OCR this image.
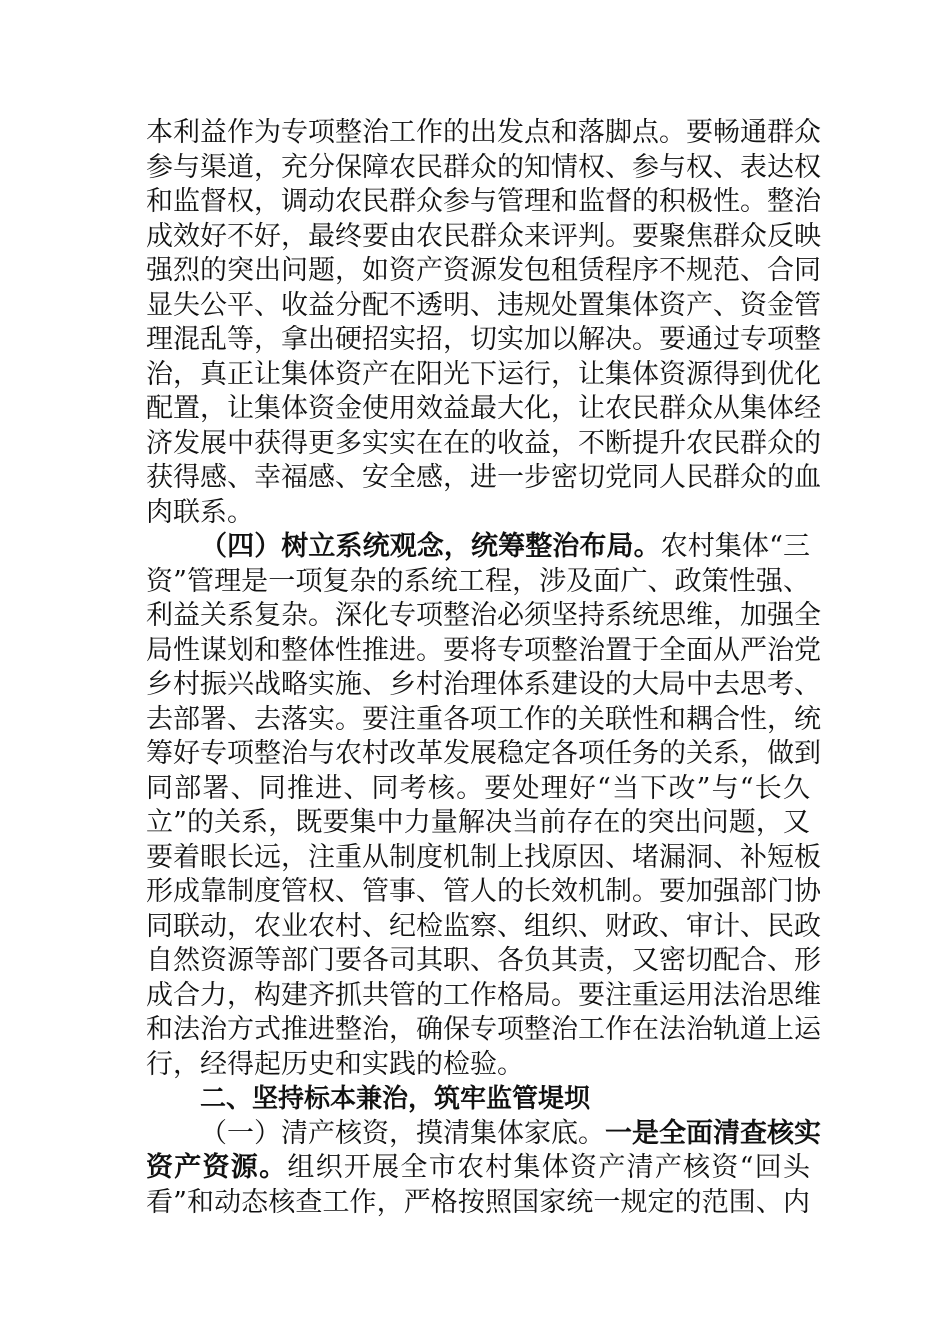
本利益作为专项整治工作的出发点和落脚点。要畅通群众
参与渠道，充分保障农民群众的知情权、参与权、表达权
和监督权，调动农民群众参与管理和监督的积极性。整治
成效好不好，最终要由农民群众来评判。要聚焦群众反映
强烈的突出问题，如资产资源发包租赁程序不规范、合同
显失公平、收益分配不透明、违规处置集体资产、资金管
理混乱等，拿出硬招实招，切实加以解决。要通过专项整
治，真正让集体资产在阳光下运行，让集体资源得到优化
配置，让集体资金使用效益最大化，让农民群众从集体经
济发展中获得更多实实在在的收益，不断提升农民群众的
获得感、幸福感、安全感，进一步密切党同人民群众的血
肉联系。
（四）树立系统观念，统筹整治布局。农村集体“三
资”管理是一项复杂的系统工程，涉及面广、政策性强、
利益关系复杂。深化专项整治必须坚持系统思维，加强全
局性谋划和整体性推进。要将专项整治置于全面从严治党
乡村振兴战略实施、乡村治理体系建设的大局中去思考、
去部署、去落实。要注重各项工作的关联性和耦合性，统
筹好专项整治与农村改革发展稳定各项任务的关系，做到
同部署、同推进、同考核。要处理好“当下改”与“长久
立”的关系，既要集中力量解决当前存在的突出问题，又
要着眼长远，注重从制度机制上找原因、堵漏洞、补短板
形成靠制度管权、管事、管人的长效机制。要加强部门协
同联动，农业农村、纪检监察、组织、财政、审计、民政
自然资源等部门要各司其职、各负其责，又密切配合、形
成合力，构建齐抓共管的工作格局。要注重运用法治思维
和法治方式推进整治，确保专项整治工作在法治轨道上运
行，经得起历史和实践的检验。
二、坚持标本兼治，筑牢监管堤坝
（一）清产核资，摸清集体家底。一是全面清查核实
资产资源。组织开展全市农村集体资产清产核资“回头
看”和动态核查工作，严格按照国家统一规定的范围、内
